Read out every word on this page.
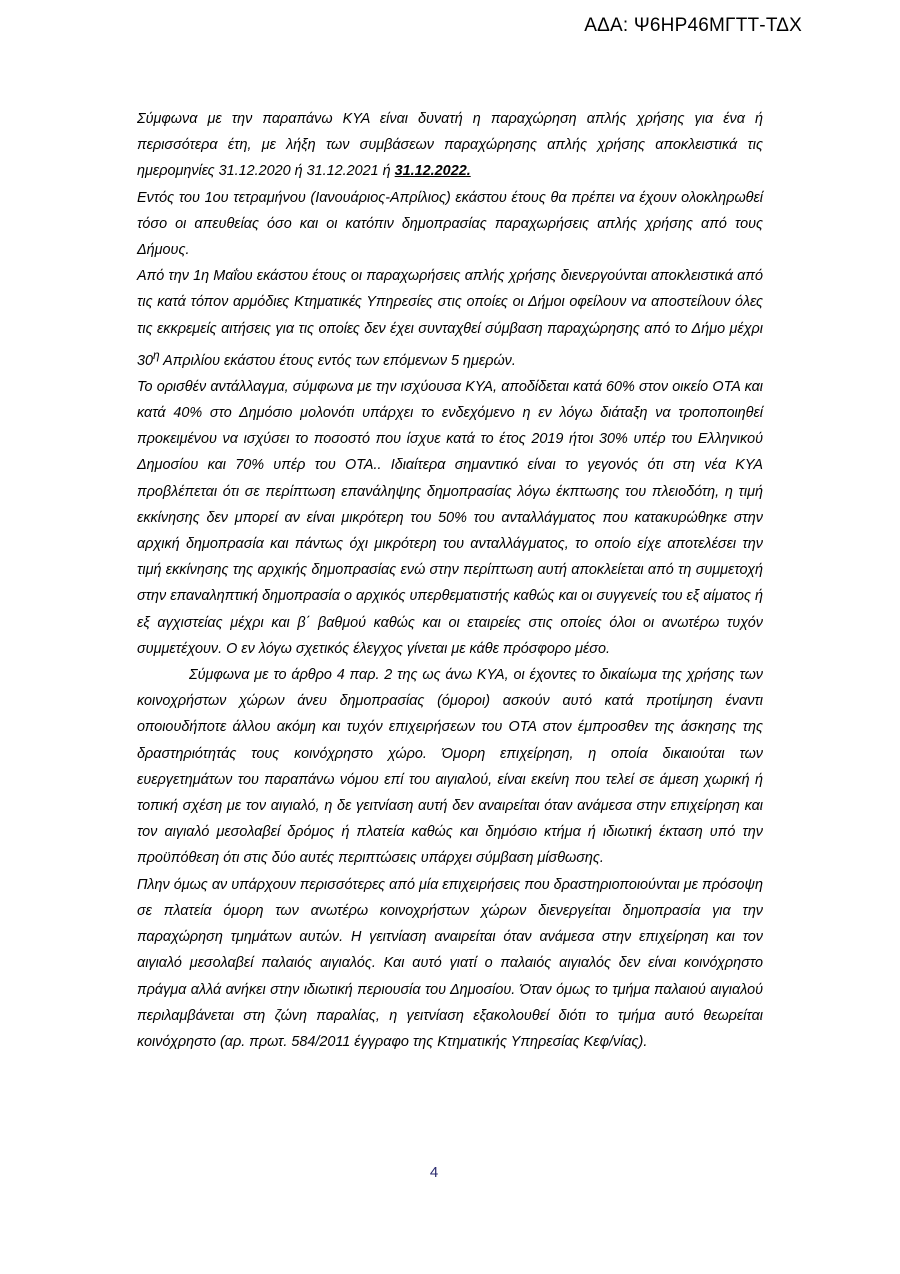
ΑΔΑ: Ψ6ΗΡ46ΜΓΤΤ-ΤΔΧ

Σύμφωνα με την παραπάνω ΚΥΑ είναι δυνατή η παραχώρηση απλής χρήσης για ένα ή περισσότερα έτη, με λήξη των συμβάσεων παραχώρησης απλής χρήσης αποκλειστικά τις ημερομηνίες 31.12.2020 ή 31.12.2021 ή 31.12.2022.

Εντός του 1ου τετραμήνου (Ιανουάριος-Απρίλιος) εκάστου έτους θα πρέπει να έχουν ολοκληρωθεί τόσο οι απευθείας όσο και οι κατόπιν δημοπρασίας παραχωρήσεις απλής χρήσης από τους Δήμους.

Από την 1η Μαΐου εκάστου έτους οι παραχωρήσεις απλής χρήσης διενεργούνται αποκλειστικά από τις κατά τόπον αρμόδιες Κτηματικές Υπηρεσίες στις οποίες οι Δήμοι οφείλουν να αποστείλουν όλες τις εκκρεμείς αιτήσεις για τις οποίες δεν έχει συνταχθεί σύμβαση παραχώρησης από το Δήμο μέχρι $30^\eta$ Απριλίου εκάστου έτους εντός των επόμενων 5 ημερών.

Το ορισθέν αντάλλαγμα, σύμφωνα με την ισχύουσα ΚΥΑ, αποδίδεται κατά 60% στον οικείο ΟΤΑ και κατά 40% στο Δημόσιο μολονότι υπάρχει το ενδεχόμενο η εν λόγω διάταξη να τροποποιηθεί προκειμένου να ισχύσει το ποσοστό που ίσχυε κατά το έτος 2019 ήτοι 30% υπέρ του Ελληνικού Δημοσίου και 70% υπέρ του ΟΤΑ.. Ιδιαίτερα σημαντικό είναι το γεγονός ότι στη νέα ΚΥΑ προβλέπεται ότι σε περίπτωση επανάληψης δημοπρασίας λόγω έκπτωσης του πλειοδότη, η τιμή εκκίνησης δεν μπορεί αν είναι μικρότερη του 50% του ανταλλάγματος που κατακυρώθηκε στην αρχική δημοπρασία και πάντως όχι μικρότερη του ανταλλάγματος, το οποίο είχε αποτελέσει την τιμή εκκίνησης της αρχικής δημοπρασίας ενώ στην περίπτωση αυτή αποκλείεται από τη συμμετοχή στην επαναληπτική δημοπρασία ο αρχικός υπερθεματιστής καθώς και οι συγγενείς του εξ αίματος ή εξ αγχιστείας μέχρι και β΄ βαθμού καθώς και οι εταιρείες στις οποίες όλοι οι ανωτέρω τυχόν συμμετέχουν. Ο εν λόγω σχετικός έλεγχος γίνεται με κάθε πρόσφορο μέσο.

Σύμφωνα με το άρθρο 4 παρ. 2 της ως άνω ΚΥΑ, οι έχοντες το δικαίωμα της χρήσης των κοινοχρήστων χώρων άνευ δημοπρασίας (όμοροι) ασκούν αυτό κατά προτίμηση έναντι οποιουδήποτε άλλου ακόμη και τυχόν επιχειρήσεων του ΟΤΑ στον έμπροσθεν της άσκησης της δραστηριότητάς τους κοινόχρηστο χώρο. Όμορη επιχείρηση, η οποία δικαιούται των ευεργετημάτων του παραπάνω νόμου επί του αιγιαλού, είναι εκείνη που τελεί σε άμεση χωρική ή τοπική σχέση με τον αιγιαλό, η δε γειτνίαση αυτή δεν αναιρείται όταν ανάμεσα στην επιχείρηση και τον αιγιαλό μεσολαβεί δρόμος ή πλατεία καθώς και δημόσιο κτήμα ή ιδιωτική έκταση υπό την προϋπόθεση ότι στις δύο αυτές περιπτώσεις υπάρχει σύμβαση μίσθωσης.

Πλην όμως αν υπάρχουν περισσότερες από μία επιχειρήσεις που δραστηριοποιούνται με πρόσοψη σε πλατεία όμορη των ανωτέρω κοινοχρήστων χώρων διενεργείται δημοπρασία για την παραχώρηση τμημάτων αυτών. Η γειτνίαση αναιρείται όταν ανάμεσα στην επιχείρηση και τον αιγιαλό μεσολαβεί παλαιός αιγιαλός. Και αυτό γιατί ο παλαιός αιγιαλός δεν είναι κοινόχρηστο πράγμα αλλά ανήκει στην ιδιωτική περιουσία του Δημοσίου. Όταν όμως το τμήμα παλαιού αιγιαλού περιλαμβάνεται στη ζώνη παραλίας, η γειτνίαση εξακολουθεί διότι το τμήμα αυτό θεωρείται κοινόχρηστο (αρ. πρωτ. 584/2011 έγγραφο της Κτηματικής Υπηρεσίας Κεφ/νίας).

4
